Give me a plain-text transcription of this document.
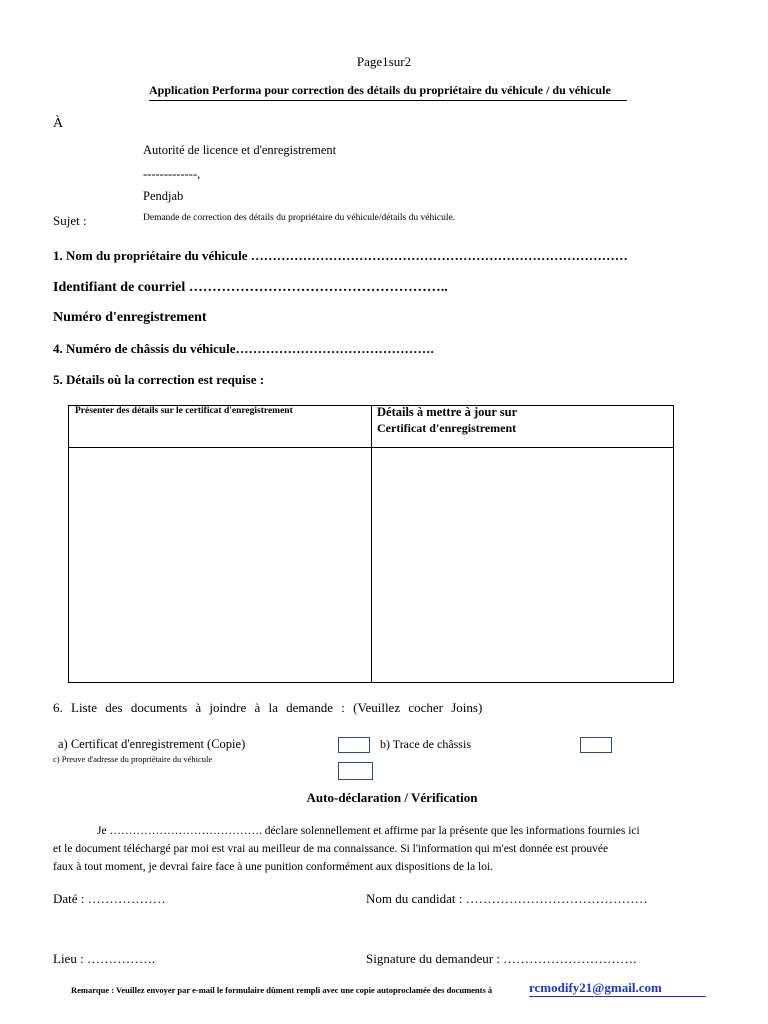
Page1sur2
Application Performa pour correction des détails du propriétaire du véhicule / du véhicule
À
Autorité de licence et d'enregistrement
-------------,
Pendjab
Sujet :	Demande de correction des détails du propriétaire du véhicule/détails du véhicule.
1. Nom du propriétaire du véhicule ……………………………………………………………………………
Identifiant de courriel ………………………………………………..
Numéro d'enregistrement
4. Numéro de châssis du véhicule……………………………………….
5. Détails où la correction est requise :
Présenter des détails sur le certificat d'enregistrement	Détails à mettre à jour sur
Certificat d'enregistrement
6. Liste des documents à joindre à la demande : (Veuillez cocher Joins)
a) Certificat d'enregistrement (Copie)	b) Trace de châssis
c) Preuve d'adresse du propriétaire du véhicule
Auto-déclaration / Vérification
Je …………………………………. déclare solennellement et affirme par la présente que les informations fournies ici
et le document téléchargé par moi est vrai au meilleur de ma connaissance. Si l'information qui m'est donnée est prouvée
faux à tout moment, je devrai faire face à une punition conformément aux dispositions de la loi.
Daté : ………………	Nom du candidat : ……………………………………
Lieu : …………….	Signature du demandeur : ………………………….
Remarque : Veuillez envoyer par e-mail le formulaire dûment rempli avec une copie autoproclamée des documents à	rcmodify21@gmail.com
